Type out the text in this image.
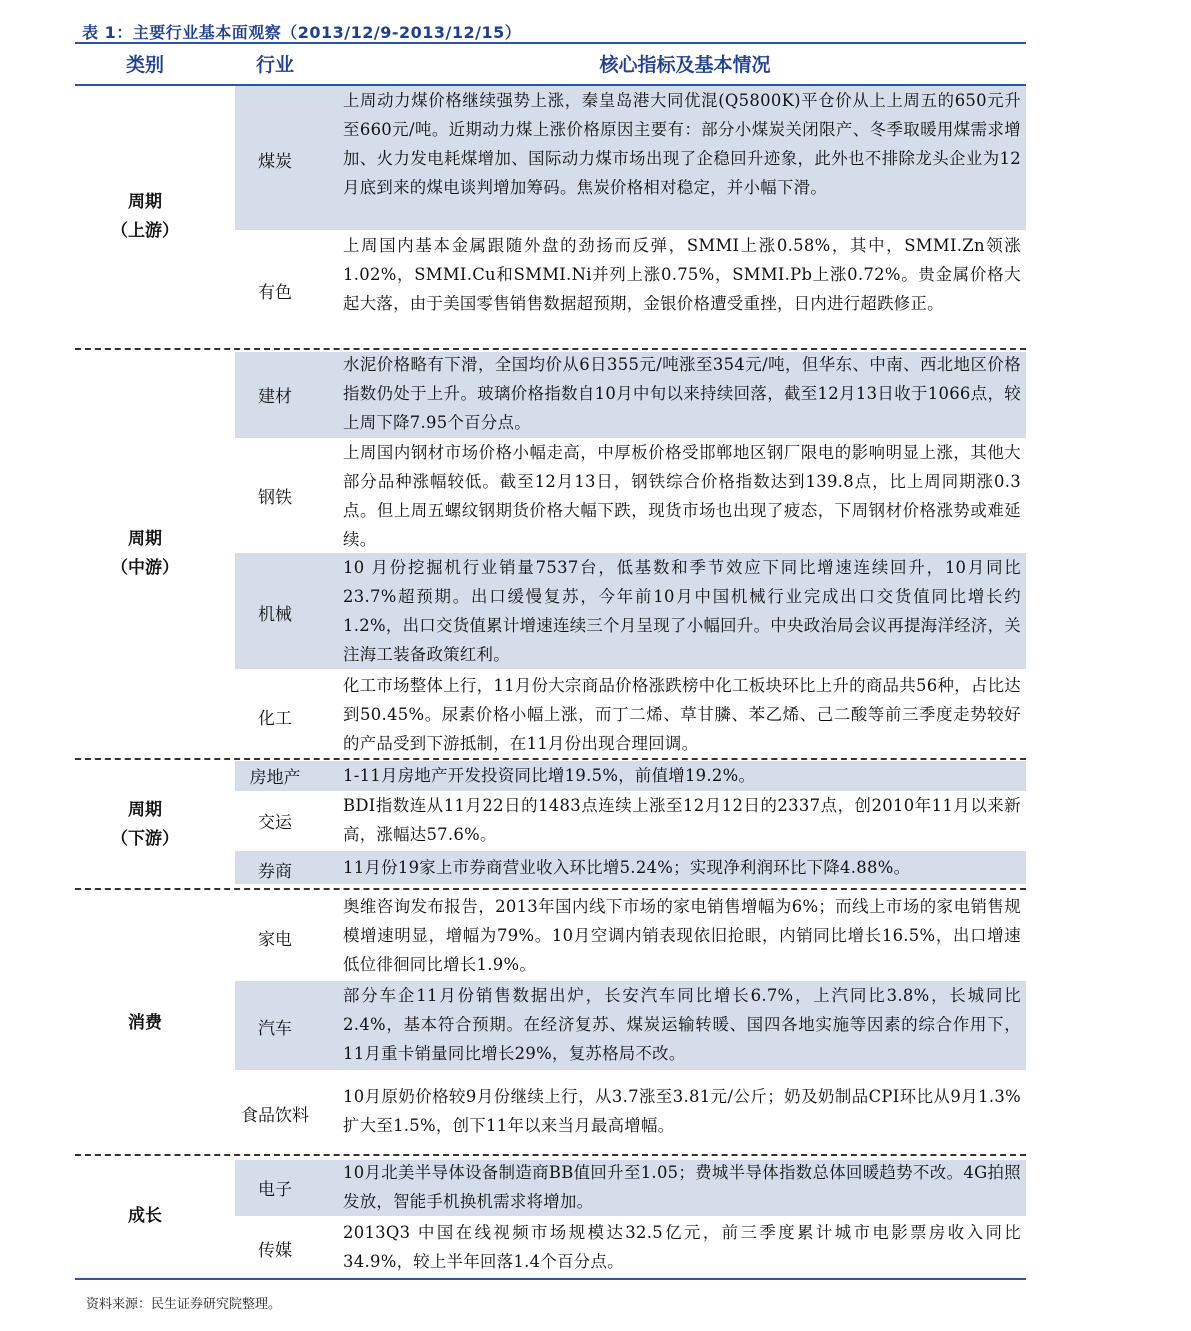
表 1：主要行业基本面观察（2013/12/9-2013/12/15）
类别	行业	核心指标及基本情况
周期
（上游）
周期
（中游）
周期
（下游）
消费
成长
煤炭
有色
建材
钢铁
机械
化工
房地产
交运
券商
家电
汽车
食品饮料
电子
传媒
上周动力煤价格继续强势上涨，秦皇岛港大同优混(Q5800K)平仓价从上上周五的650元升至660元/吨。近期动力煤上涨价格原因主要有：部分小煤炭关闭限产、冬季取暖用煤需求增加、火力发电耗煤增加、国际动力煤市场出现了企稳回升迹象，此外也不排除龙头企业为12月底到来的煤电谈判增加筹码。焦炭价格相对稳定，并小幅下滑。
上周国内基本金属跟随外盘的劲扬而反弹，SMMI上涨0.58%，其中，SMMI.Zn领涨1.02%，SMMI.Cu和SMMI.Ni并列上涨0.75%，SMMI.Pb上涨0.72%。贵金属价格大起大落，由于美国零售销售数据超预期，金银价格遭受重挫，日内进行超跌修正。
水泥价格略有下滑，全国均价从6日355元/吨涨至354元/吨，但华东、中南、西北地区价格指数仍处于上升。玻璃价格指数自10月中旬以来持续回落，截至12月13日收于1066点，较上周下降7.95个百分点。
上周国内钢材市场价格小幅走高，中厚板价格受邯郸地区钢厂限电的影响明显上涨，其他大部分品种涨幅较低。截至12月13日，钢铁综合价格指数达到139.8点，比上周同期涨0.3点。但上周五螺纹钢期货价格大幅下跌，现货市场也出现了疲态，下周钢材价格涨势或难延续。
10 月份挖掘机行业销量7537台，低基数和季节效应下同比增速连续回升，10月同比23.7%超预期。出口缓慢复苏，今年前10月中国机械行业完成出口交货值同比增长约1.2%，出口交货值累计增速连续三个月呈现了小幅回升。中央政治局会议再提海洋经济，关注海工装备政策红利。
化工市场整体上行，11月份大宗商品价格涨跌榜中化工板块环比上升的商品共56种，占比达到50.45%。尿素价格小幅上涨，而丁二烯、草甘膦、苯乙烯、己二酸等前三季度走势较好的产品受到下游抵制，在11月份出现合理回调。
1-11月房地产开发投资同比增19.5%，前值增19.2%。
BDI指数连从11月22日的1483点连续上涨至12月12日的2337点，创2010年11月以来新高，涨幅达57.6%。
11月份19家上市券商营业收入环比增5.24%；实现净利润环比下降4.88%。
奥维咨询发布报告，2013年国内线下市场的家电销售增幅为6%；而线上市场的家电销售规模增速明显，增幅为79%。10月空调内销表现依旧抢眼，内销同比增长16.5%，出口增速低位徘徊同比增长1.9%。
部分车企11月份销售数据出炉，长安汽车同比增长6.7%，上汽同比3.8%，长城同比2.4%，基本符合预期。在经济复苏、煤炭运输转暖、国四各地实施等因素的综合作用下，11月重卡销量同比增长29%，复苏格局不改。
10月原奶价格较9月份继续上行，从3.7涨至3.81元/公斤；奶及奶制品CPI环比从9月1.3%扩大至1.5%，创下11年以来当月最高增幅。
10月北美半导体设备制造商BB值回升至1.05；费城半导体指数总体回暖趋势不改。4G拍照发放，智能手机换机需求将增加。
2013Q3 中国在线视频市场规模达32.5亿元，前三季度累计城市电影票房收入同比34.9%，较上半年回落1.4个百分点。
资料来源：民生证券研究院整理。
